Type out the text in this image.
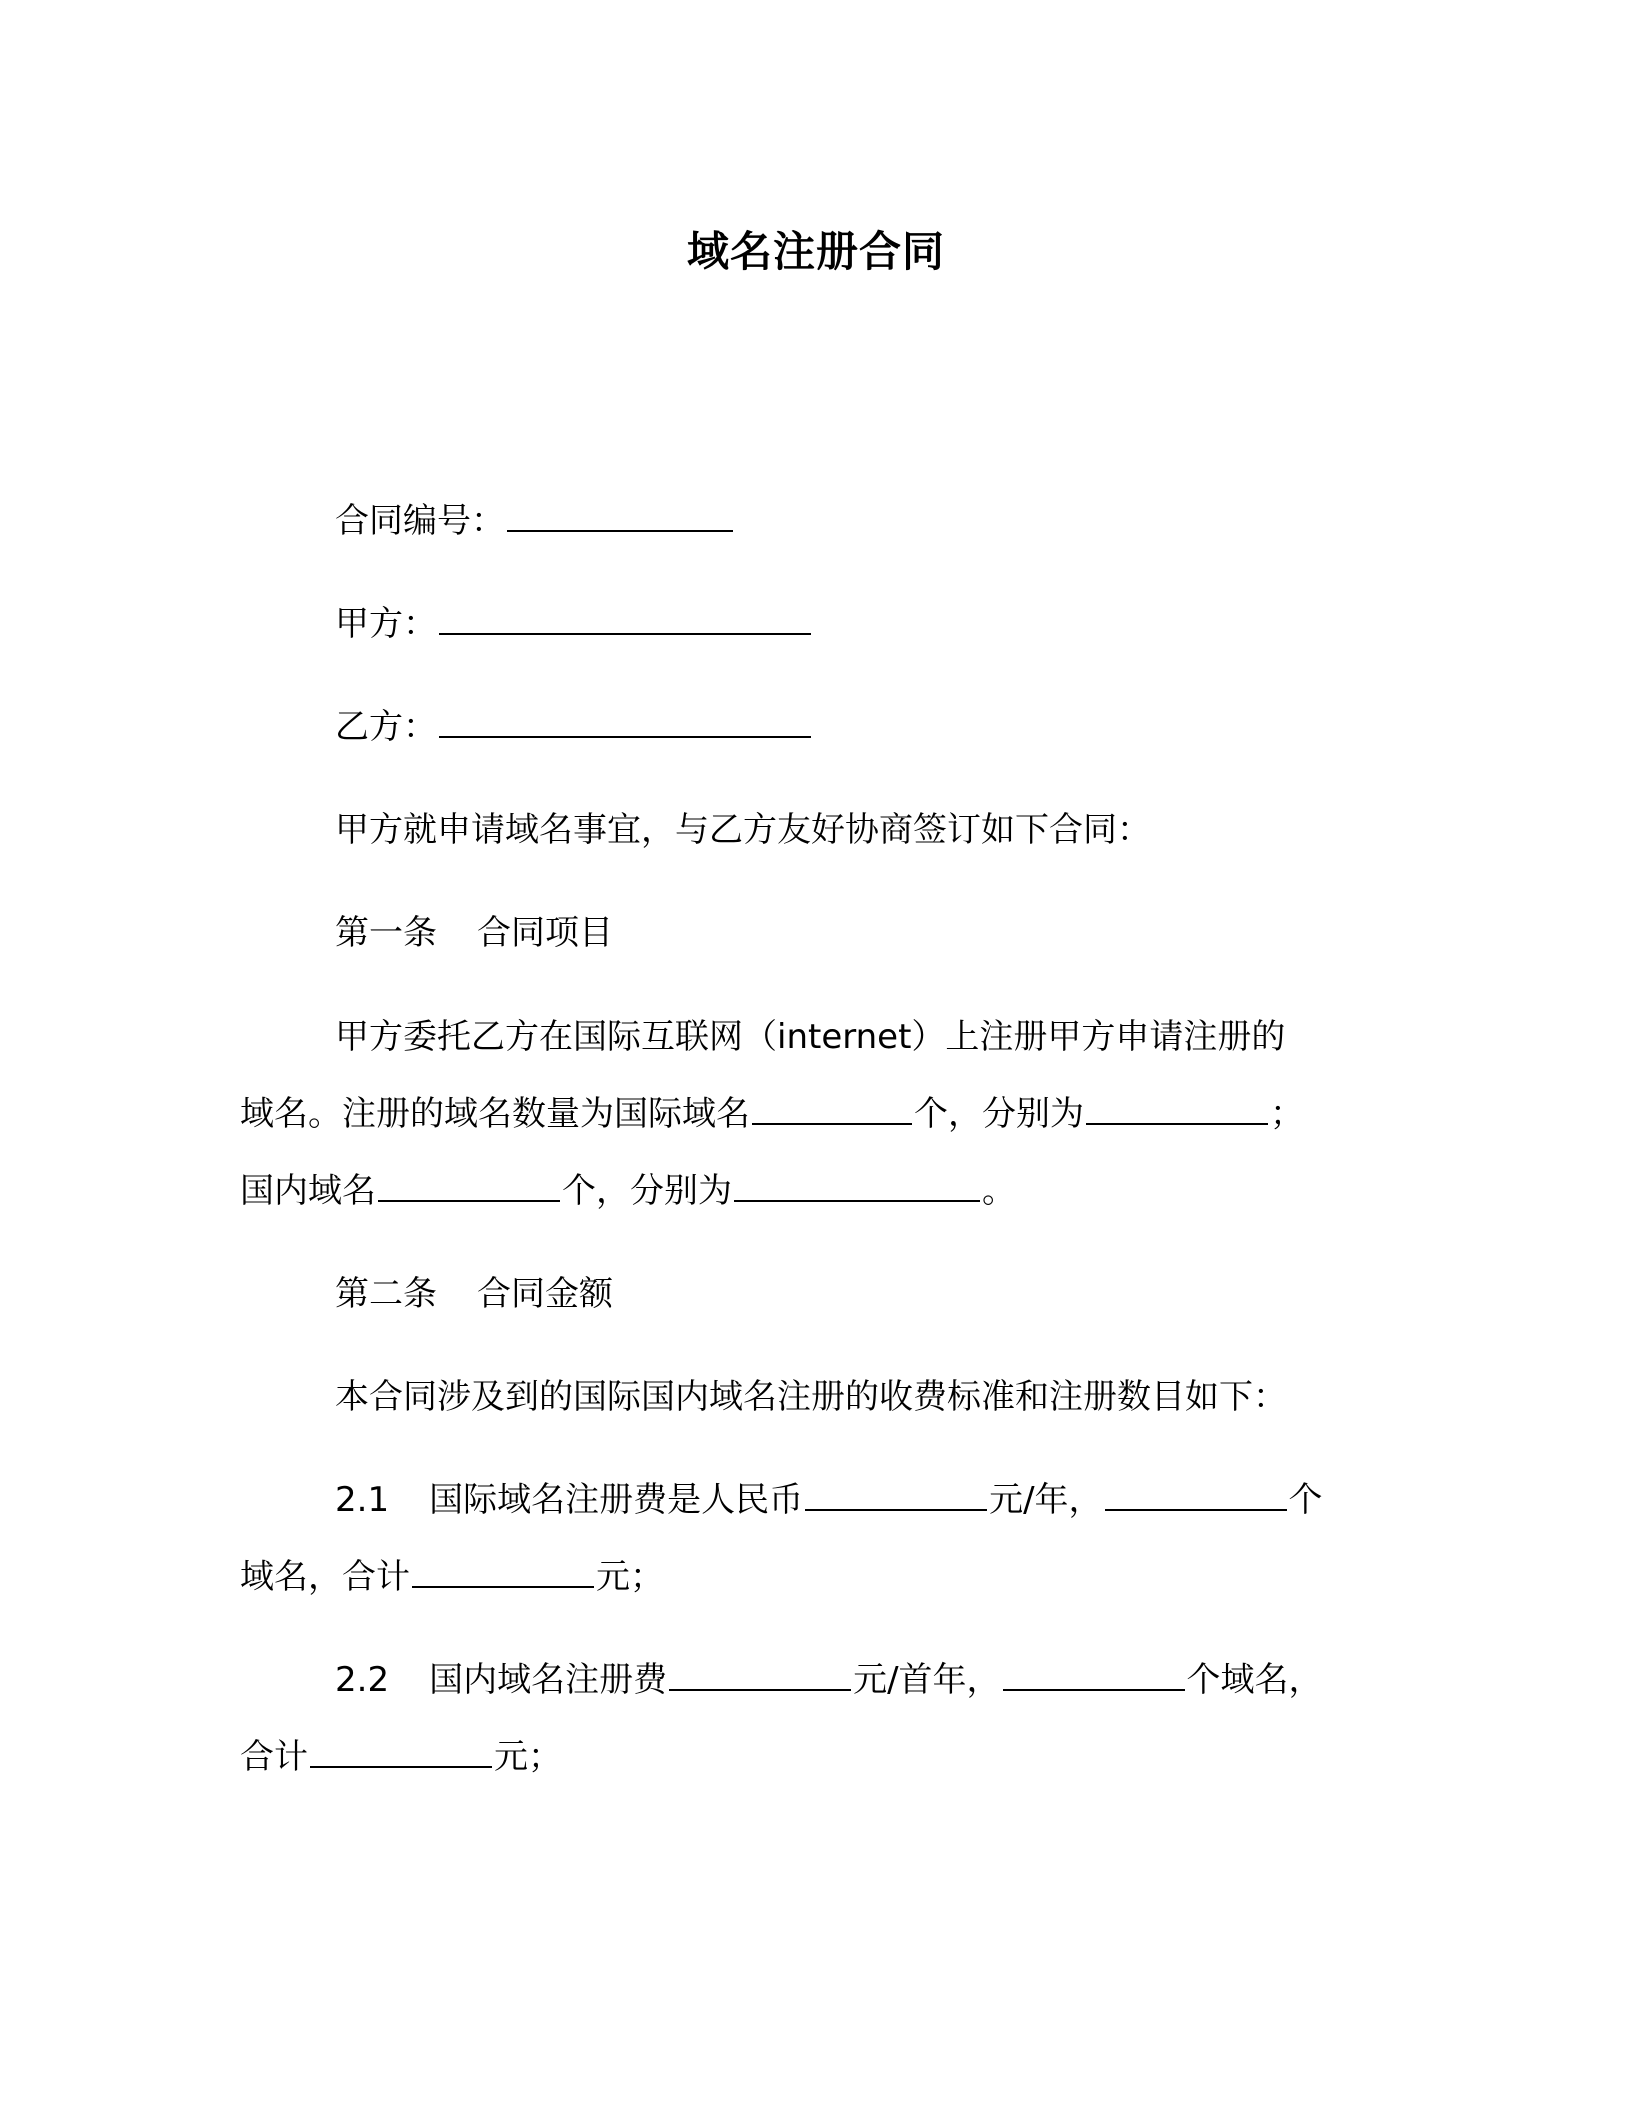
域名注册合同
合同编号：
甲方：
乙方：
甲方就申请域名事宜，与乙方友好协商签订如下合同：
第一条 合同项目
甲方委托乙方在国际互联网（internet）上注册甲方申请注册的
域名。注册的域名数量为国际域名	个，分别为	；
国内域名	个，分别为	。
第二条 合同金额
本合同涉及到的国际国内域名注册的收费标准和注册数目如下：
2.1 国际域名注册费是人民币	元/年，	个
域名，合计	元；
2.2 国内域名注册费	元/首年，	个域名，
合计	元；
